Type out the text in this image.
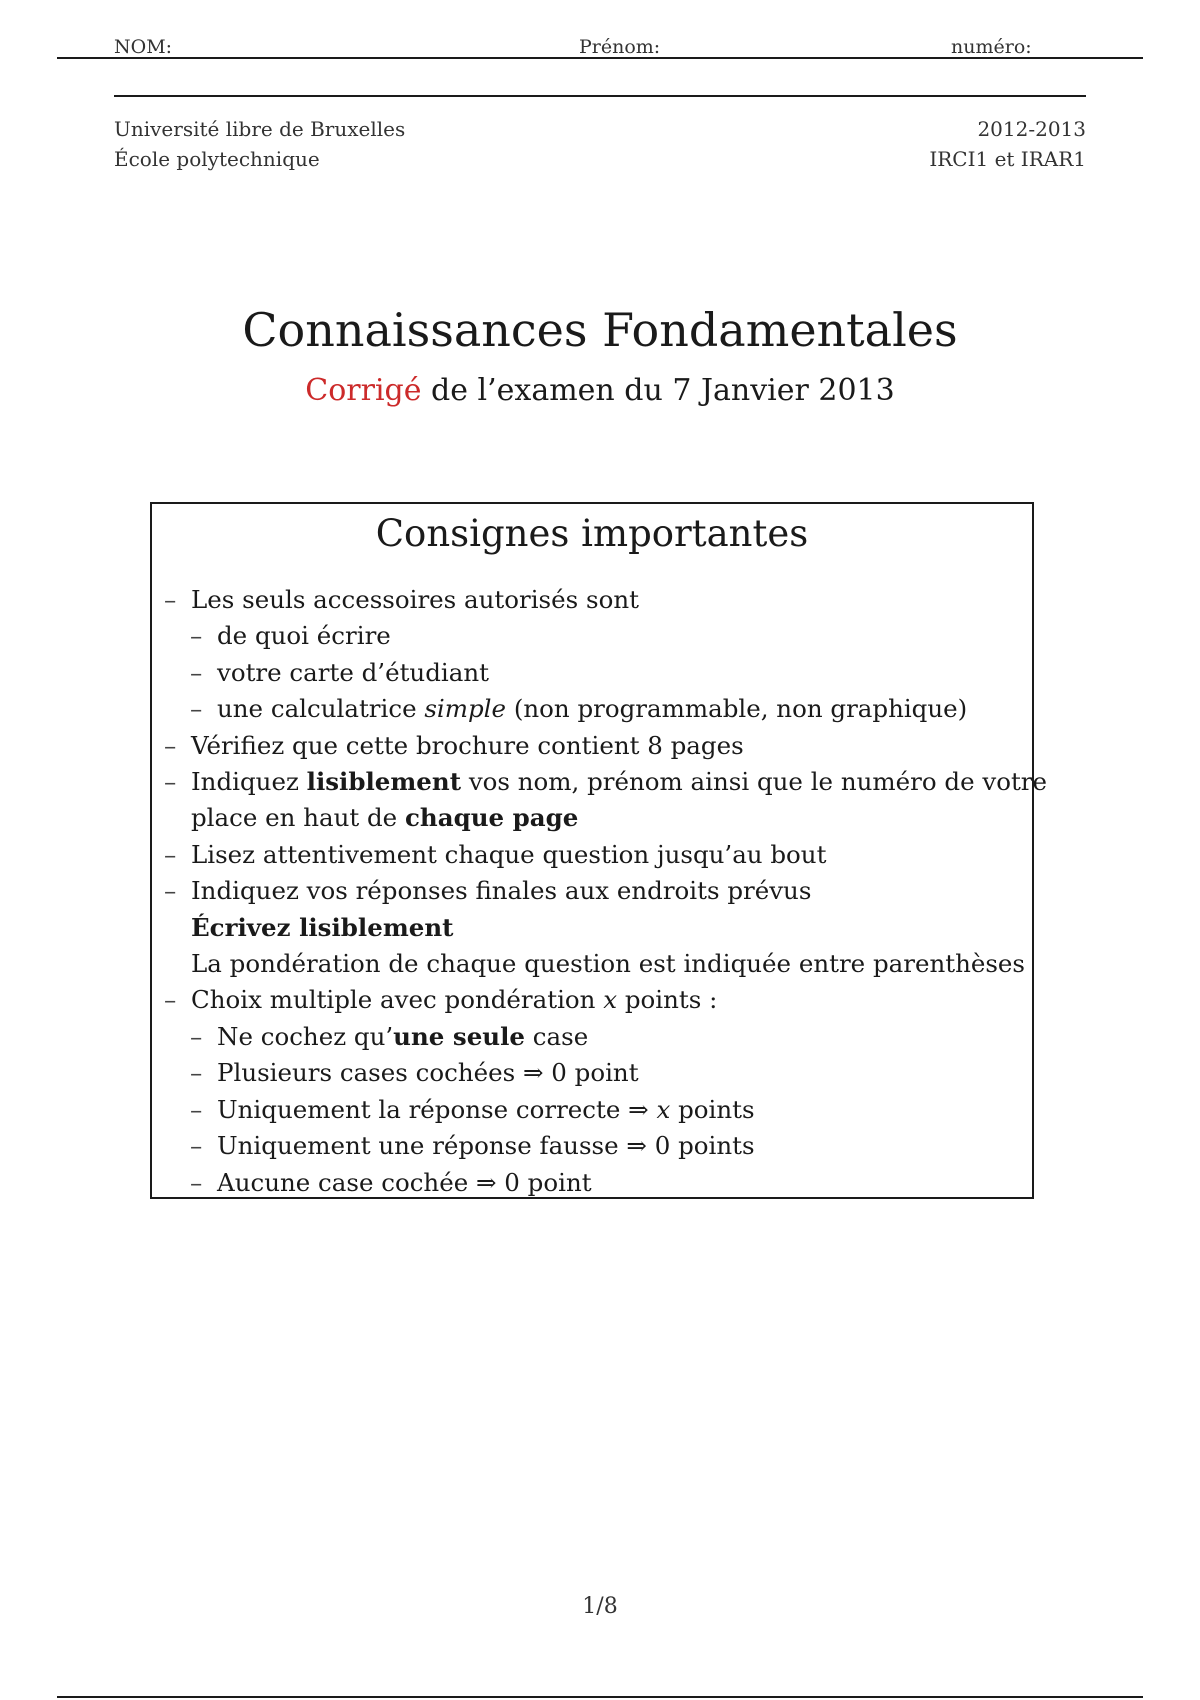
NOM:	Prénom:	numéro:
Université libre de Bruxelles
École polytechnique
2012-2013
IRCI1 et IRAR1
Connaissances Fondamentales
Corrigé de l’examen du 7 Janvier 2013
Consignes importantes
– Les seuls accessoires autorisés sont
– de quoi écrire
– votre carte d’étudiant
– une calculatrice simple (non programmable, non graphique)
– Vérifiez que cette brochure contient 8 pages
– Indiquez lisiblement vos nom, prénom ainsi que le numéro de votre
place en haut de chaque page
– Lisez attentivement chaque question jusqu’au bout
– Indiquez vos réponses finales aux endroits prévus
Écrivez lisiblement
La pondération de chaque question est indiquée entre parenthèses
– Choix multiple avec pondération x points :
– Ne cochez qu’une seule case
– Plusieurs cases cochées ⇒ 0 point
– Uniquement la réponse correcte ⇒ x points
– Uniquement une réponse fausse ⇒ 0 points
– Aucune case cochée ⇒ 0 point
1/8
